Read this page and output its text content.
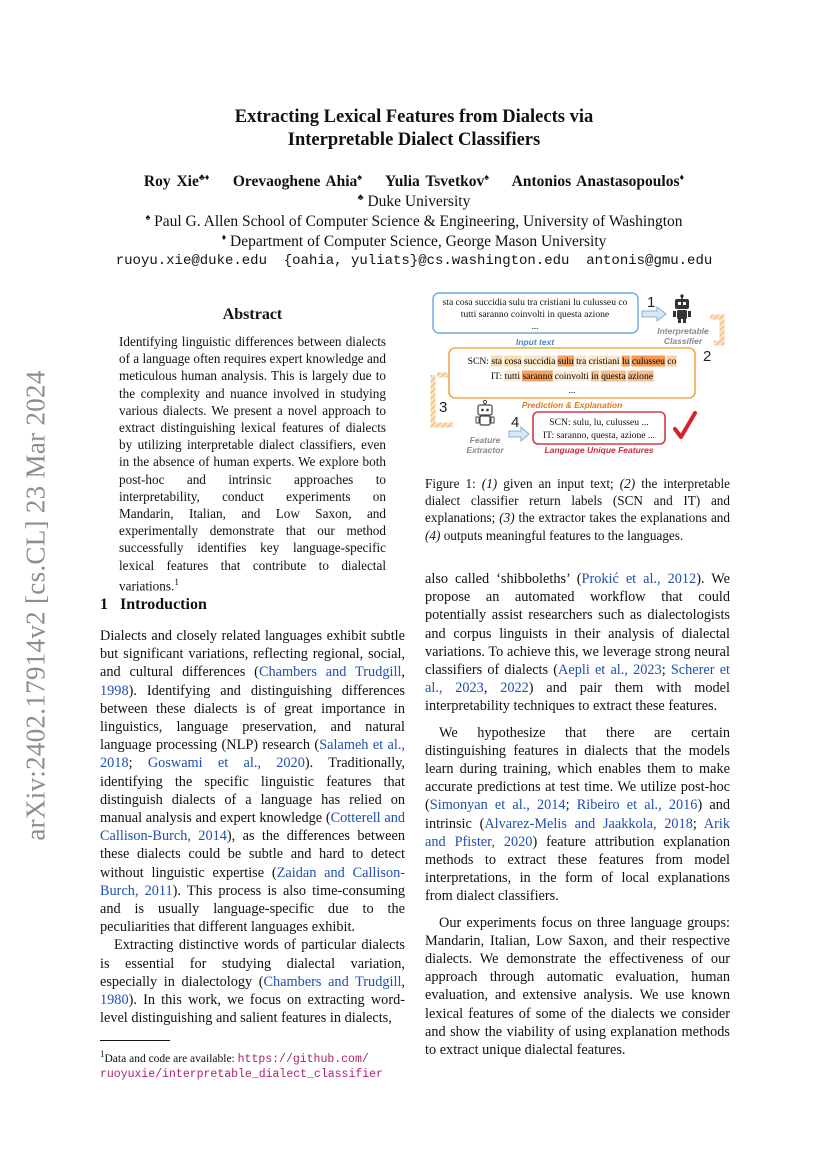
arXiv:2402.17914v2 [cs.CL] 23 Mar 2024
Extracting Lexical Features from Dialects via
Interpretable Dialect Classifiers
Roy Xie♣♦ Orevaoghene Ahia♠ Yulia Tsvetkov♠ Antonios Anastasopoulos♦
♣ Duke University
♠ Paul G. Allen School of Computer Science & Engineering, University of Washington
♦ Department of Computer Science, George Mason University
ruoyu.xie@duke.edu  {oahia, yuliats}@cs.washington.edu  antonis@gmu.edu
Abstract
Identifying linguistic differences between dialects of a language often requires expert knowledge and meticulous human analysis. This is largely due to the complexity and nuance involved in studying various dialects. We present a novel approach to extract distinguishing lexical features of dialects by utilizing interpretable dialect classifiers, even in the absence of human experts. We explore both post-hoc and intrinsic approaches to interpretability, conduct experiments on Mandarin, Italian, and Low Saxon, and experimentally demonstrate that our method successfully identifies key language-specific lexical features that contribute to dialectal variations.$^1$
1   Introduction

Dialects and closely related languages exhibit subtle but significant variations, reflecting regional, social, and cultural differences (Chambers and Trudgill, 1998). Identifying and distinguishing differences between these dialects is of great importance in linguistics, language preservation, and natural language processing (NLP) research (Salameh et al., 2018; Goswami et al., 2020). Traditionally, identifying the specific linguistic features that distinguish dialects of a language has relied on manual analysis and expert knowledge (Cotterell and Callison-Burch, 2014), as the differences between these dialects could be subtle and hard to detect without linguistic expertise (Zaidan and Callison-Burch, 2011). This process is also time-consuming and is usually language-specific due to the peculiarities that different languages exhibit.

Extracting distinctive words of particular dialects is essential for studying dialectal variation, especially in dialectology (Chambers and Trudgill, 1980). In this work, we focus on extracting word-level distinguishing and salient features in dialects,

$^1$Data and code are available: https://github.com/
ruoyuxie/interpretable_dialect_classifier
sta cosa succidia sulu tra cristiani lu culusseu co
tutti saranno coinvolti in questa azione
...
Input text
1
Interpretable
Classifier
2
SCN: sta cosa succidia sulu tra cristiani lu culusseu co
IT: tutti saranno coinvolti in questa azione
...
Prediction & Explanation
3
Feature
Extractor
4	SCN: sulu, lu, culusseu ...
IT: saranno, questa, azione ...
Language Unique Features
Figure 1: (1) given an input text; (2) the interpretable dialect classifier return labels (SCN and IT) and explanations; (3) the extractor takes the explanations and (4) outputs meaningful features to the languages.

also called ‘shibboleths’ (Prokić et al., 2012). We propose an automated workflow that could potentially assist researchers such as dialectologists and corpus linguists in their analysis of dialectal variations. To achieve this, we leverage strong neural classifiers of dialects (Aepli et al., 2023; Scherer et al., 2023, 2022) and pair them with model interpretability techniques to extract these features.

We hypothesize that there are certain distinguishing features in dialects that the models learn during training, which enables them to make accurate predictions at test time. We utilize post-hoc (Simonyan et al., 2014; Ribeiro et al., 2016) and intrinsic (Alvarez-Melis and Jaakkola, 2018; Arik and Pfister, 2020) feature attribution explanation methods to extract these features from model interpretations, in the form of local explanations from dialect classifiers.

Our experiments focus on three language groups: Mandarin, Italian, Low Saxon, and their respective dialects. We demonstrate the effectiveness of our approach through automatic evaluation, human evaluation, and extensive analysis. We use known lexical features of some of the dialects we consider and show the viability of using explanation methods to extract unique dialectal features.
